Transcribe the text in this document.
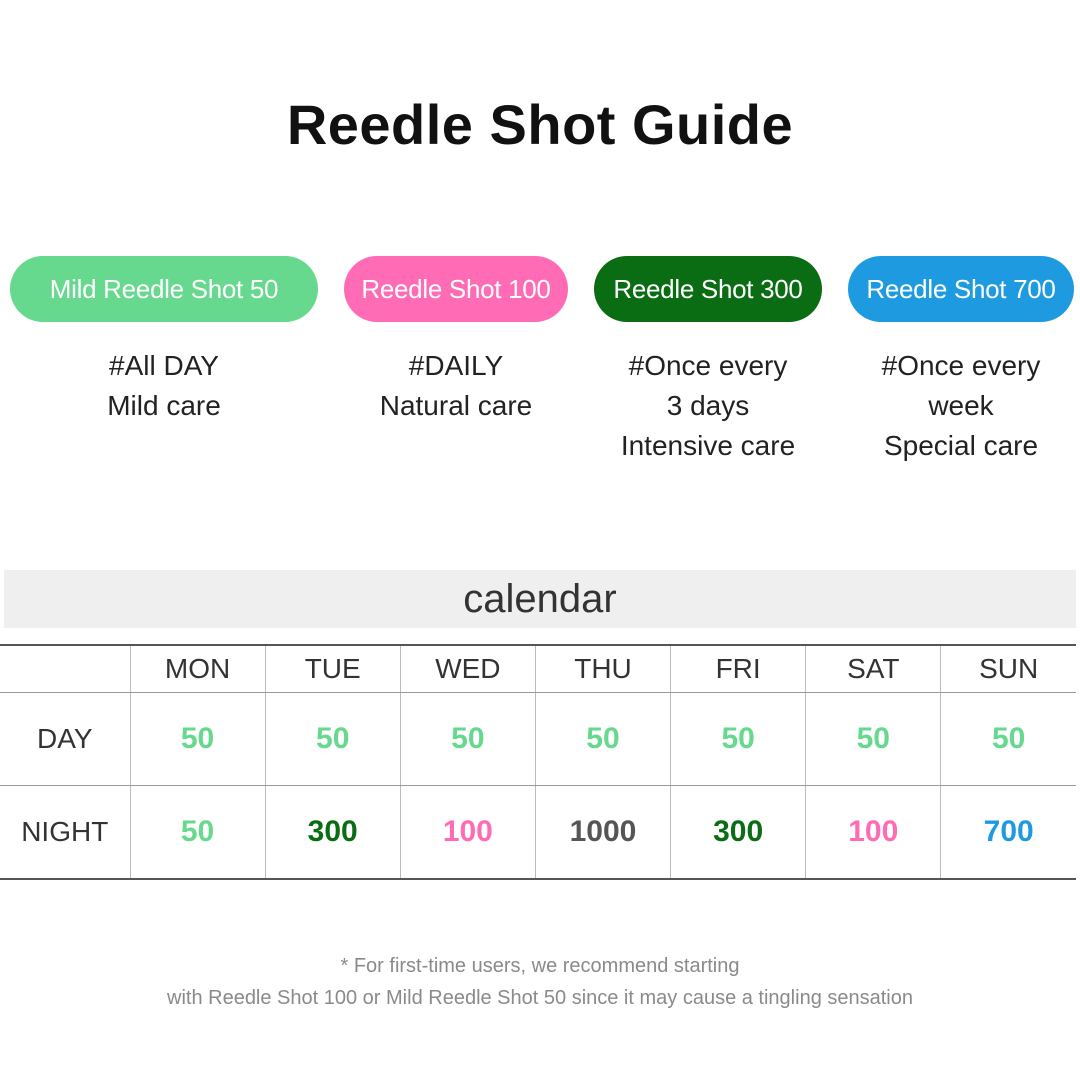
Reedle Shot Guide
Mild Reedle Shot 50
#All DAY
Mild care
Reedle Shot 100
#DAILY
Natural care
Reedle Shot 300
#Once every
3 days
Intensive care
Reedle Shot 700
#Once every
week
Special care
calendar
	MON	TUE	WED	THU	FRI	SAT	SUN
DAY	50	50	50	50	50	50	50
NIGHT	50	300	100	1000	300	100	700
* For first-time users, we recommend starting
with Reedle Shot 100 or Mild Reedle Shot 50 since it may cause a tingling sensation
